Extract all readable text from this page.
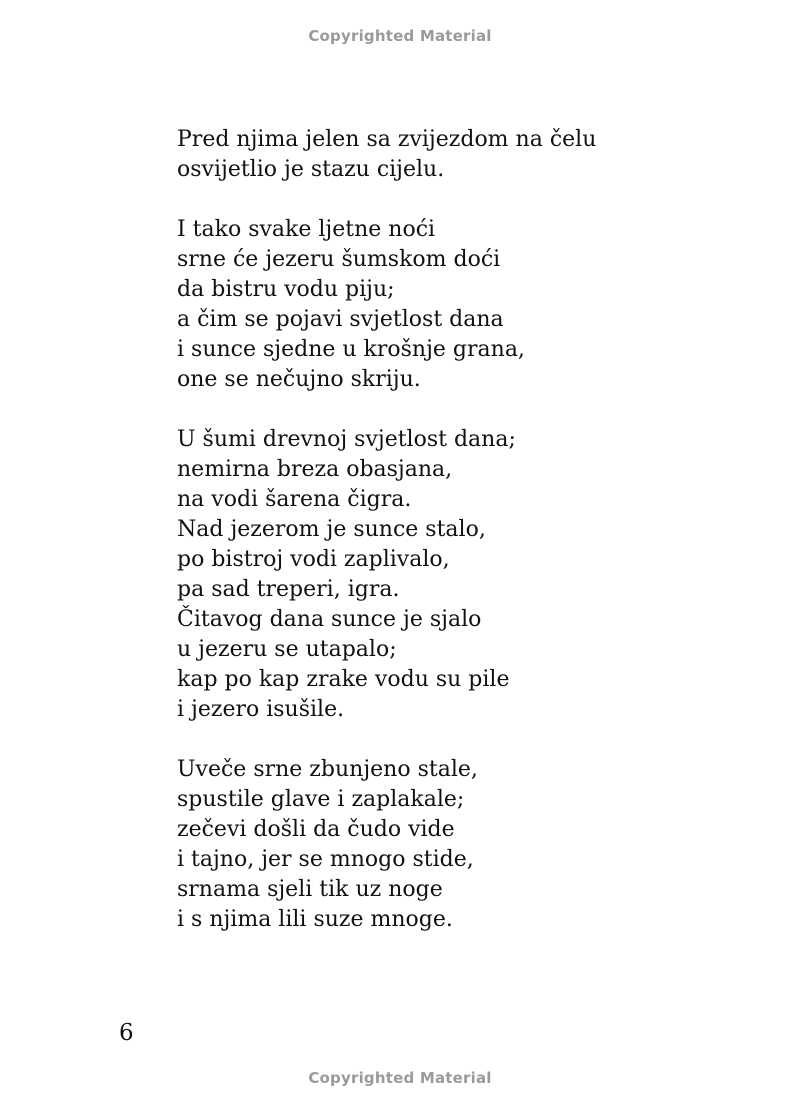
Copyrighted Material
Pred njima jelen sa zvijezdom na čelu
osvijetlio je stazu cijelu.
I tako svake ljetne noći
srne će jezeru šumskom doći
da bistru vodu piju;
a čim se pojavi svjetlost dana
i sunce sjedne u krošnje grana,
one se nečujno skriju.
U šumi drevnoj svjetlost dana;
nemirna breza obasjana,
na vodi šarena čigra.
Nad jezerom je sunce stalo,
po bistroj vodi zaplivalo,
pa sad treperi, igra.
Čitavog dana sunce je sjalo
u jezeru se utapalo;
kap po kap zrake vodu su pile
i jezero isušile.
Uveče srne zbunjeno stale,
spustile glave i zaplakale;
zečevi došli da čudo vide
i tajno, jer se mnogo stide,
srnama sjeli tik uz noge
i s njima lili suze mnoge.
6
Copyrighted Material
